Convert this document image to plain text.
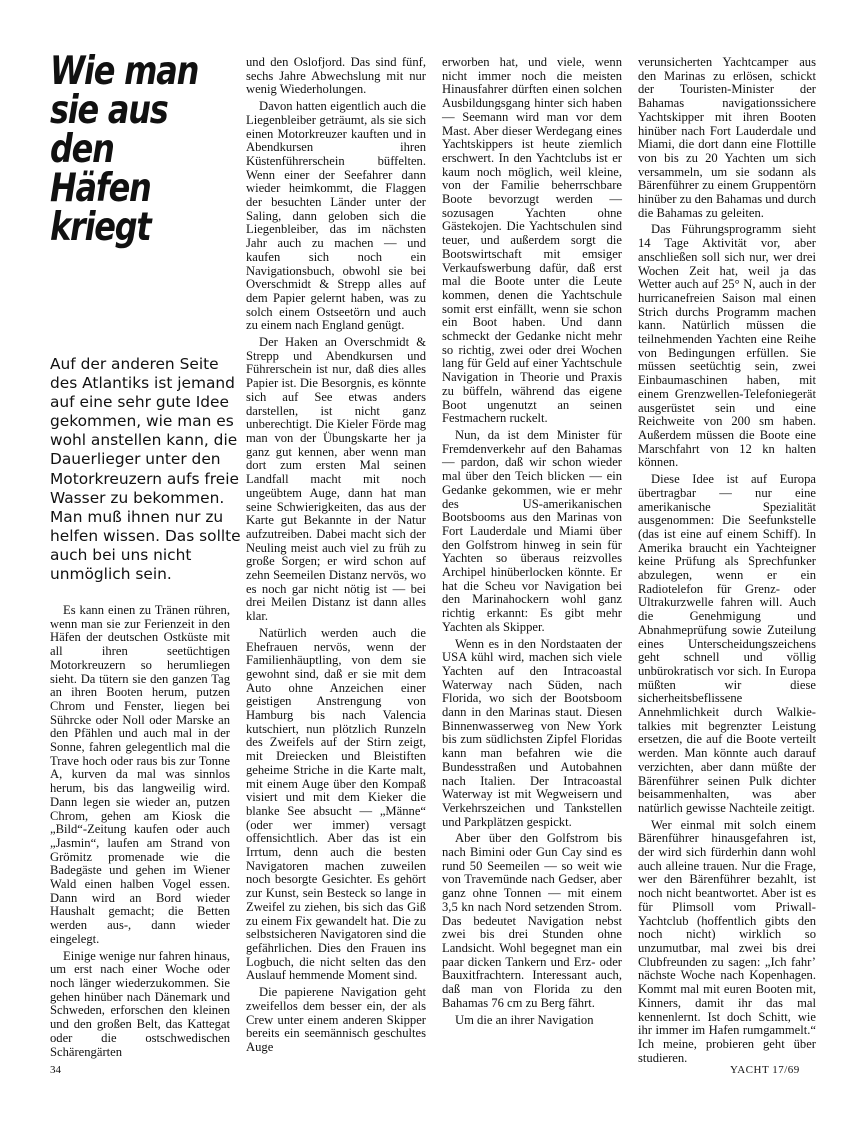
Wie man
sie aus
den Häfen
kriegt

Auf der anderen Seite des Atlantiks ist jemand auf eine sehr gute Idee gekommen, wie man es wohl anstellen kann, die Dauerlieger unter den Motorkreuzern aufs freie Wasser zu bekommen. Man muß ihnen nur zu helfen wissen. Das sollte auch bei uns nicht unmöglich sein.

Es kann einen zu Tränen rühren, wenn man sie zur Ferienzeit in den Häfen der deutschen Ostküste mit all ihren seetüchtigen Motorkreuzern so herumliegen sieht. Da tütern sie den ganzen Tag an ihren Booten herum, putzen Chrom und Fenster, liegen bei Sührcke oder Noll oder Marske an den Pfählen und auch mal in der Sonne, fahren gelegentlich mal die Trave hoch oder raus bis zur Tonne A, kurven da mal was sinnlos herum, bis das langweilig wird. Dann legen sie wieder an, putzen Chrom, gehen am Kiosk die „Bild“-Zeitung kaufen oder auch „Jasmin“, laufen am Strand von Grömitz promenade wie die Badegäste und gehen im Wiener Wald einen halben Vogel essen. Dann wird an Bord wieder Haushalt gemacht; die Betten werden aus-, dann wieder eingelegt.

Einige wenige nur fahren hinaus, um erst nach einer Woche oder noch länger wiederzukommen. Sie gehen hinüber nach Dänemark und Schweden, erforschen den kleinen und den großen Belt, das Kattegat oder die ostschwedischen Schärengärten

und den Oslofjord. Das sind fünf, sechs Jahre Abwechslung mit nur wenig Wiederholungen.

Davon hatten eigentlich auch die Liegenbleiber geträumt, als sie sich einen Motorkreuzer kauften und in Abendkursen ihren Küstenführerschein büffelten. Wenn einer der Seefahrer dann wieder heimkommt, die Flaggen der besuchten Länder unter der Saling, dann geloben sich die Liegenbleiber, das im nächsten Jahr auch zu machen — und kaufen sich noch ein Navigationsbuch, obwohl sie bei Overschmidt & Strepp alles auf dem Papier gelernt haben, was zu solch einem Ostseetörn und auch zu einem nach England genügt.

Der Haken an Overschmidt & Strepp und Abendkursen und Führerschein ist nur, daß dies alles Papier ist. Die Besorgnis, es könnte sich auf See etwas anders darstellen, ist nicht ganz unberechtigt. Die Kieler Förde mag man von der Übungskarte her ja ganz gut kennen, aber wenn man dort zum ersten Mal seinen Landfall macht mit noch ungeübtem Auge, dann hat man seine Schwierigkeiten, das aus der Karte gut Bekannte in der Natur aufzutreiben. Dabei macht sich der Neuling meist auch viel zu früh zu große Sorgen; er wird schon auf zehn Seemeilen Distanz nervös, wo es noch gar nicht nötig ist — bei drei Meilen Distanz ist dann alles klar.

Natürlich werden auch die Ehefrauen nervös, wenn der Familienhäuptling, von dem sie gewohnt sind, daß er sie mit dem Auto ohne Anzeichen einer geistigen Anstrengung von Hamburg bis nach Valencia kutschiert, nun plötzlich Runzeln des Zweifels auf der Stirn zeigt, mit Dreiecken und Bleistiften geheime Striche in die Karte malt, mit einem Auge über den Kompaß visiert und mit dem Kieker die blanke See absucht — „Männe“ (oder wer immer) versagt offensichtlich. Aber das ist ein Irrtum, denn auch die besten Navigatoren machen zuweilen noch besorgte Gesichter. Es gehört zur Kunst, sein Besteck so lange in Zweifel zu ziehen, bis sich das Giß zu einem Fix gewandelt hat. Die zu selbstsicheren Navigatoren sind die gefährlichen. Dies den Frauen ins Logbuch, die nicht selten das den Auslauf hemmende Moment sind.

Die papierene Navigation geht zweifellos dem besser ein, der als Crew unter einem anderen Skipper bereits ein seemännisch geschultes Auge

erworben hat, und viele, wenn nicht immer noch die meisten Hinausfahrer dürften einen solchen Ausbildungsgang hinter sich haben — Seemann wird man vor dem Mast. Aber dieser Werdegang eines Yachtskippers ist heute ziemlich erschwert. In den Yachtclubs ist er kaum noch möglich, weil kleine, von der Familie beherrschbare Boote bevorzugt werden — sozusagen Yachten ohne Gästekojen. Die Yachtschulen sind teuer, und außerdem sorgt die Bootswirtschaft mit emsiger Verkaufswerbung dafür, daß erst mal die Boote unter die Leute kommen, denen die Yachtschule somit erst einfällt, wenn sie schon ein Boot haben. Und dann schmeckt der Gedanke nicht mehr so richtig, zwei oder drei Wochen lang für Geld auf einer Yachtschule Navigation in Theorie und Praxis zu büffeln, während das eigene Boot ungenutzt an seinen Festmachern ruckelt.

Nun, da ist dem Minister für Fremdenverkehr auf den Bahamas — pardon, daß wir schon wieder mal über den Teich blicken — ein Gedanke gekommen, wie er mehr des US-amerikanischen Bootsbooms aus den Marinas von Fort Lauderdale und Miami über den Golfstrom hinweg in sein für Yachten so überaus reizvolles Archipel hinüberlocken könnte. Er hat die Scheu vor Navigation bei den Marinahockern wohl ganz richtig erkannt: Es gibt mehr Yachten als Skipper.

Wenn es in den Nordstaaten der USA kühl wird, machen sich viele Yachten auf den Intracoastal Waterway nach Süden, nach Florida, wo sich der Bootsboom dann in den Marinas staut. Diesen Binnenwasserweg von New York bis zum südlichsten Zipfel Floridas kann man befahren wie die Bundesstraßen und Autobahnen nach Italien. Der Intracoastal Waterway ist mit Wegweisern und Verkehrszeichen und Tankstellen und Parkplätzen gespickt.

Aber über den Golfstrom bis nach Bimini oder Gun Cay sind es rund 50 Seemeilen — so weit wie von Travemünde nach Gedser, aber ganz ohne Tonnen — mit einem 3,5 kn nach Nord setzenden Strom. Das bedeutet Navigation nebst zwei bis drei Stunden ohne Landsicht. Wohl begegnet man ein paar dicken Tankern und Erz- oder Bauxitfrachtern. Interessant auch, daß man von Florida zu den Bahamas 76 cm zu Berg fährt.

Um die an ihrer Navigation

verunsicherten Yachtcamper aus den Marinas zu erlösen, schickt der Touristen-Minister der Bahamas navigationssichere Yachtskipper mit ihren Booten hinüber nach Fort Lauderdale und Miami, die dort dann eine Flottille von bis zu 20 Yachten um sich versammeln, um sie sodann als Bärenführer zu einem Gruppentörn hinüber zu den Bahamas und durch die Bahamas zu geleiten.

Das Führungsprogramm sieht 14 Tage Aktivität vor, aber anschließen soll sich nur, wer drei Wochen Zeit hat, weil ja das Wetter auch auf 25° N, auch in der hurricanefreien Saison mal einen Strich durchs Programm machen kann. Natürlich müssen die teilnehmenden Yachten eine Reihe von Bedingungen erfüllen. Sie müssen seetüchtig sein, zwei Einbaumaschinen haben, mit einem Grenzwellen-Telefoniegerät ausgerüstet sein und eine Reichweite von 200 sm haben. Außerdem müssen die Boote eine Marschfahrt von 12 kn halten können.

Diese Idee ist auf Europa übertragbar — nur eine amerikanische Spezialität ausgenommen: Die Seefunkstelle (das ist eine auf einem Schiff). In Amerika braucht ein Yachteigner keine Prüfung als Sprechfunker abzulegen, wenn er ein Radiotelefon für Grenz- oder Ultrakurzwelle fahren will. Auch die Genehmigung und Abnahmeprüfung sowie Zuteilung eines Unterscheidungszeichens geht schnell und völlig unbürokratisch vor sich. In Europa müßten wir diese sicherheitsbeflissene Annehmlichkeit durch Walkie-talkies mit begrenzter Leistung ersetzen, die auf die Boote verteilt werden. Man könnte auch darauf verzichten, aber dann müßte der Bärenführer seinen Pulk dichter beisammenhalten, was aber natürlich gewisse Nachteile zeitigt.

Wer einmal mit solch einem Bärenführer hinausgefahren ist, der wird sich fürderhin dann wohl auch alleine trauen. Nur die Frage, wer den Bärenführer bezahlt, ist noch nicht beantwortet. Aber ist es für Plimsoll vom Priwall-Yachtclub (hoffentlich gibts den noch nicht) wirklich so unzumutbar, mal zwei bis drei Clubfreunden zu sagen: „Ich fahr’ nächste Woche nach Kopenhagen. Kommt mal mit euren Booten mit, Kinners, damit ihr das mal kennenlernt. Ist doch Schitt, wie ihr immer im Hafen rumgammelt.“ Ich meine, probieren geht über studieren.

34	YACHT 17/69
